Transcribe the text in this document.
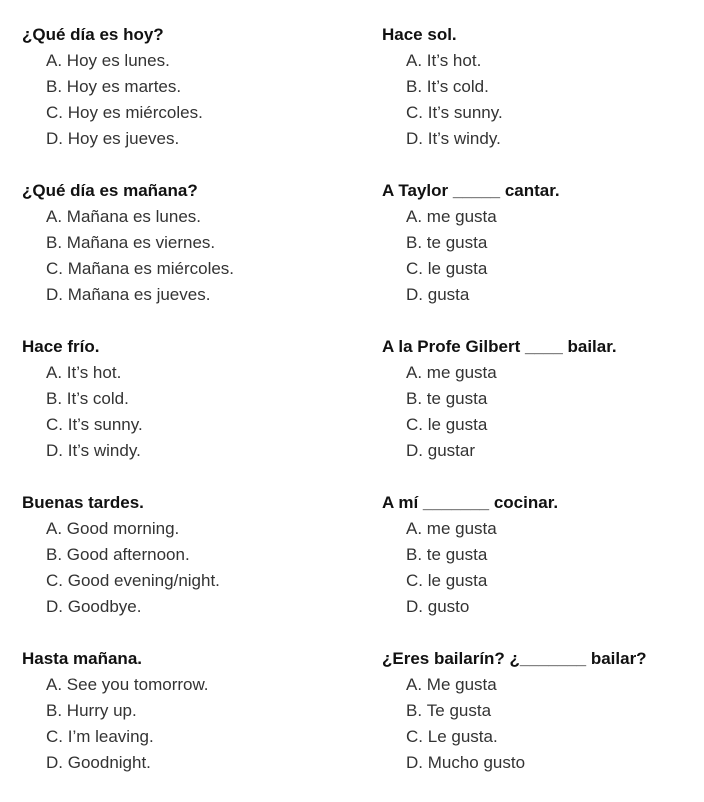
¿Qué día es hoy?
A . Hoy es lunes.
B . Hoy es martes.
C . Hoy es miércoles.
D . Hoy es jueves.
¿Qué día es mañana?
A . Mañana es lunes.
B . Mañana es viernes.
C . Mañana es miércoles.
D . Mañana es jueves.
Hace frío.
A . It’s hot.
B . It’s cold.
C . It’s sunny.
D . It’s windy.
Buenas tardes.
A . Good morning.
B . Good afternoon.
C . Good evening/night.
D . Goodbye.
Hasta mañana.
A . See you tomorrow.
B . Hurry up.
C . I’m leaving.
D . Goodnight.
Hace sol.
A . It’s hot.
B . It’s cold.
C . It’s sunny.
D . It’s windy.
A Taylor _____ cantar.
A . me gusta
B . te gusta
C . le gusta
D . gusta
A la Profe Gilbert ____ bailar.
A . me gusta
B . te gusta
C . le gusta
D . gustar
A mí _______ cocinar.
A . me gusta
B . te gusta
C . le gusta
D . gusto
¿Eres bailarín? ¿_______ bailar?
A . Me gusta
B . Te gusta
C . Le gusta.
D . Mucho gusto
